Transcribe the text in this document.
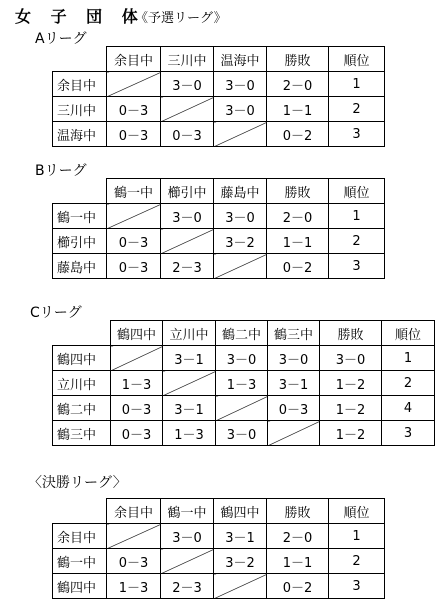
女 子 団 体
《予選リーグ》
Aリーグ
Bリーグ
Cリーグ
〈決勝リーグ〉
	余目中	三川中	温海中	勝敗	順位
余目中		3－0	3－0	2－0	1
三川中	0－3		3－0	1－1	2
温海中	0－3	0－3		0－2	3
	鶴一中	櫛引中	藤島中	勝敗	順位
鶴一中		3－0	3－0	2－0	1
櫛引中	0－3		3－2	1－1	2
藤島中	0－3	2－3		0－2	3
	鶴四中	立川中	鶴二中	鶴三中	勝敗	順位
鶴四中		3－1	3－0	3－0	3－0	1
立川中	1－3		1－3	3－1	1－2	2
鶴二中	0－3	3－1		0－3	1－2	4
鶴三中	0－3	1－3	3－0		1－2	3
	余目中	鶴一中	鶴四中	勝敗	順位
余目中		3－0	3－1	2－0	1
鶴一中	0－3		3－2	1－1	2
鶴四中	1－3	2－3		0－2	3
